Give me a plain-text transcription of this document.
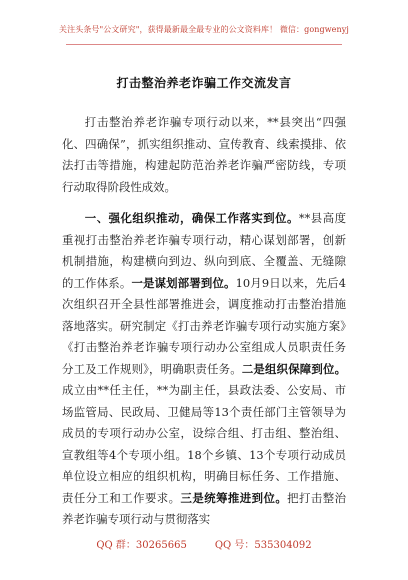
关注头条号"公文研究"，获得最新最全最专业的公文资料库！ 微信：gongwenyj
打击整治养老诈骗工作交流发言

打击整治养老诈骗专项行动以来，**县突出“四强化、四确保”，抓实组织推动、宣传教育、线索摸排、依法打击等措施，构建起防范治养老诈骗严密防线，专项行动取得阶段性成效。

一、强化组织推动，确保工作落实到位。**县高度重视打击整治养老诈骗专项行动，精心谋划部署，创新机制措施，构建横向到边、纵向到底、全覆盖、无缝隙的工作体系。一是谋划部署到位。10月9日以来，先后4次组织召开全县性部署推进会，调度推动打击整治措施落地落实。研究制定《打击养老诈骗专项行动实施方案》《打击整治养老诈骗专项行动办公室组成人员职责任务分工及工作规则》，明确职责任务。二是组织保障到位。成立由**任主任，**为副主任，县政法委、公安局、市场监管局、民政局、卫健局等13个责任部门主管领导为成员的专项行动办公室，设综合组、打击组、整治组、宣教组等4个专项小组。18个乡镇、13个专项行动成员单位设立相应的组织机构，明确目标任务、工作措施、责任分工和工作要求。三是统筹推进到位。把打击整治养老诈骗专项行动与贯彻落实

QQ 群：30265665	QQ 号：535304092
